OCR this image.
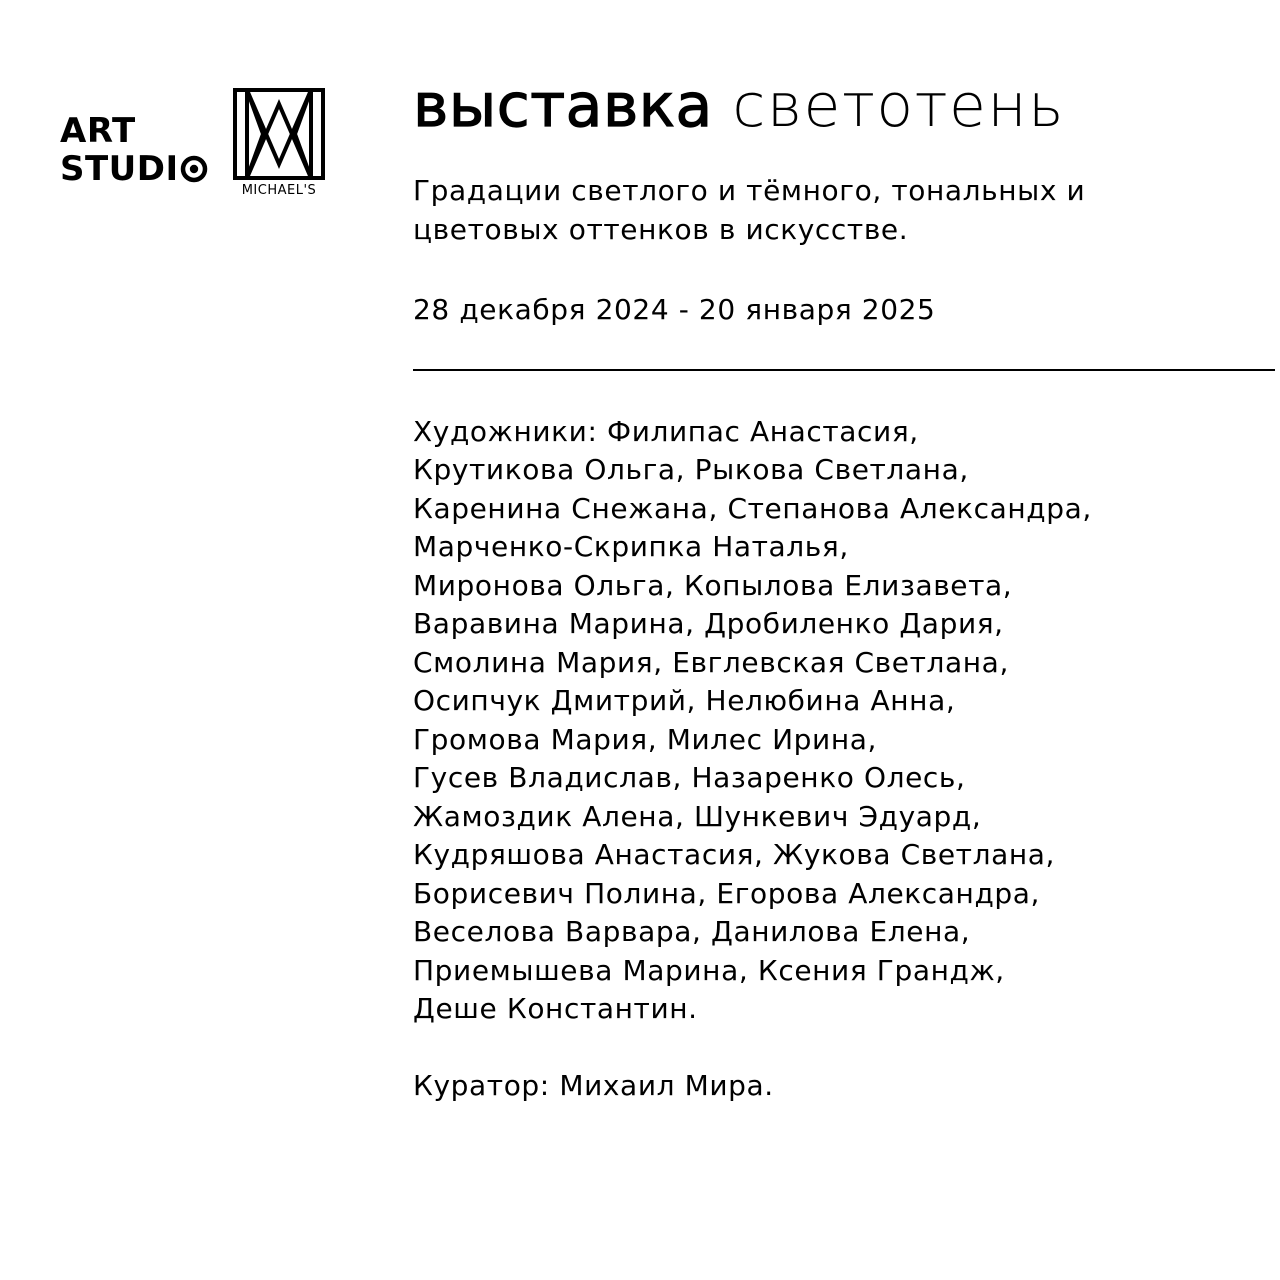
ART
STUDI
MICHAEL'S
выставка светотень
Градации светлого и тёмного, тональных и
цветовых оттенков в искусстве.
28 декабря 2024 - 20 января 2025
Художники: Филипас Анастасия,
Крутикова Ольга, Рыкова Светлана,
Каренина Снежана, Степанова Александра,
Марченко-Скрипка Наталья,
Миронова Ольга, Копылова Елизавета,
Варавина Марина, Дробиленко Дария,
Смолина Мария, Евглевская Светлана,
Осипчук Дмитрий, Нелюбина Анна,
Громова Мария, Милес Ирина,
Гусев Владислав, Назаренко Олесь,
Жамоздик Алена, Шункевич Эдуард,
Кудряшова Анастасия, Жукова Светлана,
Борисевич Полина, Егорова Александра,
Веселова Варвара, Данилова Елена,
Приемышева Марина, Ксения Грандж,
Деше Константин.
Куратор: Михаил Мира.
